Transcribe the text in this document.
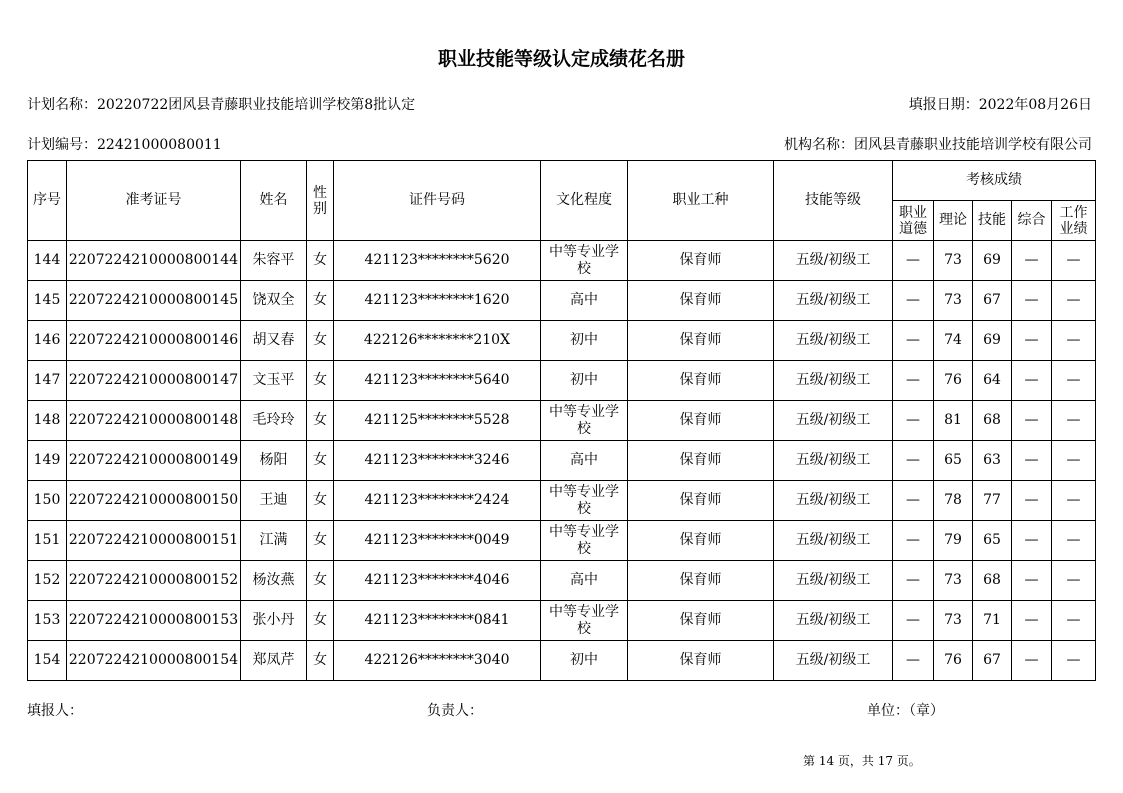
职业技能等级认定成绩花名册
计划名称：20220722团风县青藤职业技能培训学校第8批认定	填报日期：2022年08月26日
计划编号：22421000080011	机构名称：团风县青藤职业技能培训学校有限公司
序号	准考证号	姓名	性别	证件号码	文化程度	职业工种	技能等级	考核成绩				
								职业道德	理论	技能	综合	工作业绩
144	2207224210000800144	朱容平	女	421123********5620	中等专业学校	保育师	五级/初级工	—	73	69	—	—
145	2207224210000800145	饶双全	女	421123********1620	高中	保育师	五级/初级工	—	73	67	—	—
146	2207224210000800146	胡又春	女	422126********210X	初中	保育师	五级/初级工	—	74	69	—	—
147	2207224210000800147	文玉平	女	421123********5640	初中	保育师	五级/初级工	—	76	64	—	—
148	2207224210000800148	毛玲玲	女	421125********5528	中等专业学校	保育师	五级/初级工	—	81	68	—	—
149	2207224210000800149	杨阳	女	421123********3246	高中	保育师	五级/初级工	—	65	63	—	—
150	2207224210000800150	王迪	女	421123********2424	中等专业学校	保育师	五级/初级工	—	78	77	—	—
151	2207224210000800151	江满	女	421123********0049	中等专业学校	保育师	五级/初级工	—	79	65	—	—
152	2207224210000800152	杨汝燕	女	421123********4046	高中	保育师	五级/初级工	—	73	68	—	—
153	2207224210000800153	张小丹	女	421123********0841	中等专业学校	保育师	五级/初级工	—	73	71	—	—
154	2207224210000800154	郑凤芹	女	422126********3040	初中	保育师	五级/初级工	—	76	67	—	—
填报人：	负责人：	单位：（章）
第 14 页，共 17 页。
